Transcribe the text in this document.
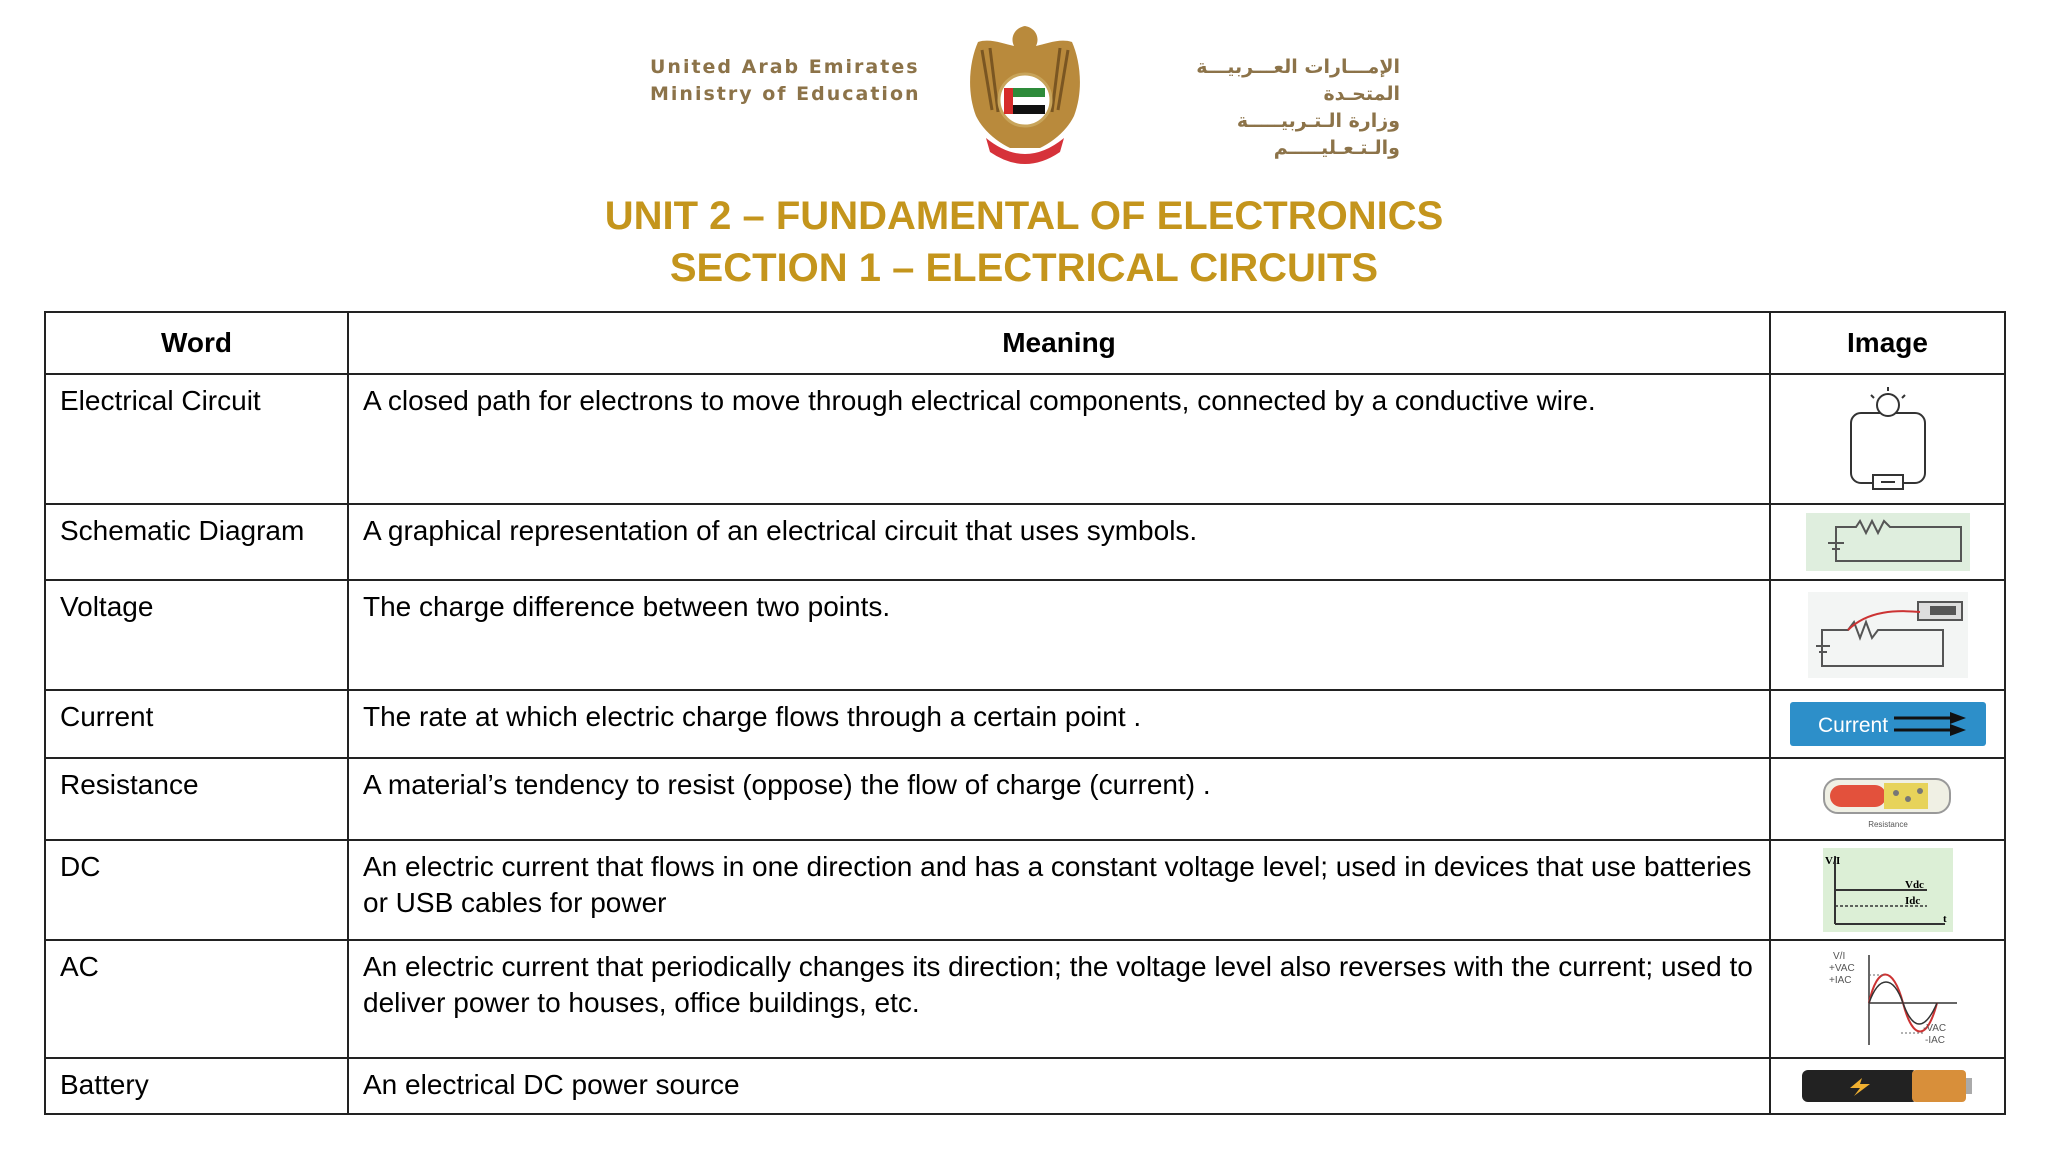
United Arab Emirates
Ministry of Education
الإمـــارات العـــربيـــة المتحـدة
وزارة الـتـربيـــــة والـتـعـليـــــم
UNIT 2 – FUNDAMENTAL OF ELECTRONICS
SECTION 1 – ELECTRICAL CIRCUITS
Word	Meaning	Image
Electrical Circuit	A closed path for electrons to move through electrical components, connected by a conductive wire.	

Schematic Diagram	A graphical representation of an electrical circuit that uses symbols.	

Voltage	The charge difference between two points.	

Current	The rate at which electric charge flows through a certain point .	Current

Resistance	A material’s tendency to resist (oppose) the flow of charge (current) .	Resistance

DC	An electric current that flows in one direction and has a constant voltage level; used in devices that use batteries or USB cables for power	V/I
Vdc
Idc
t

AC	An electric current that periodically changes its direction; the voltage level also reverses with the current; used to deliver power to houses, office buildings, etc.	V/I
+VAC
+IAC
-VAC
-IAC

Battery	An electrical DC power source	
